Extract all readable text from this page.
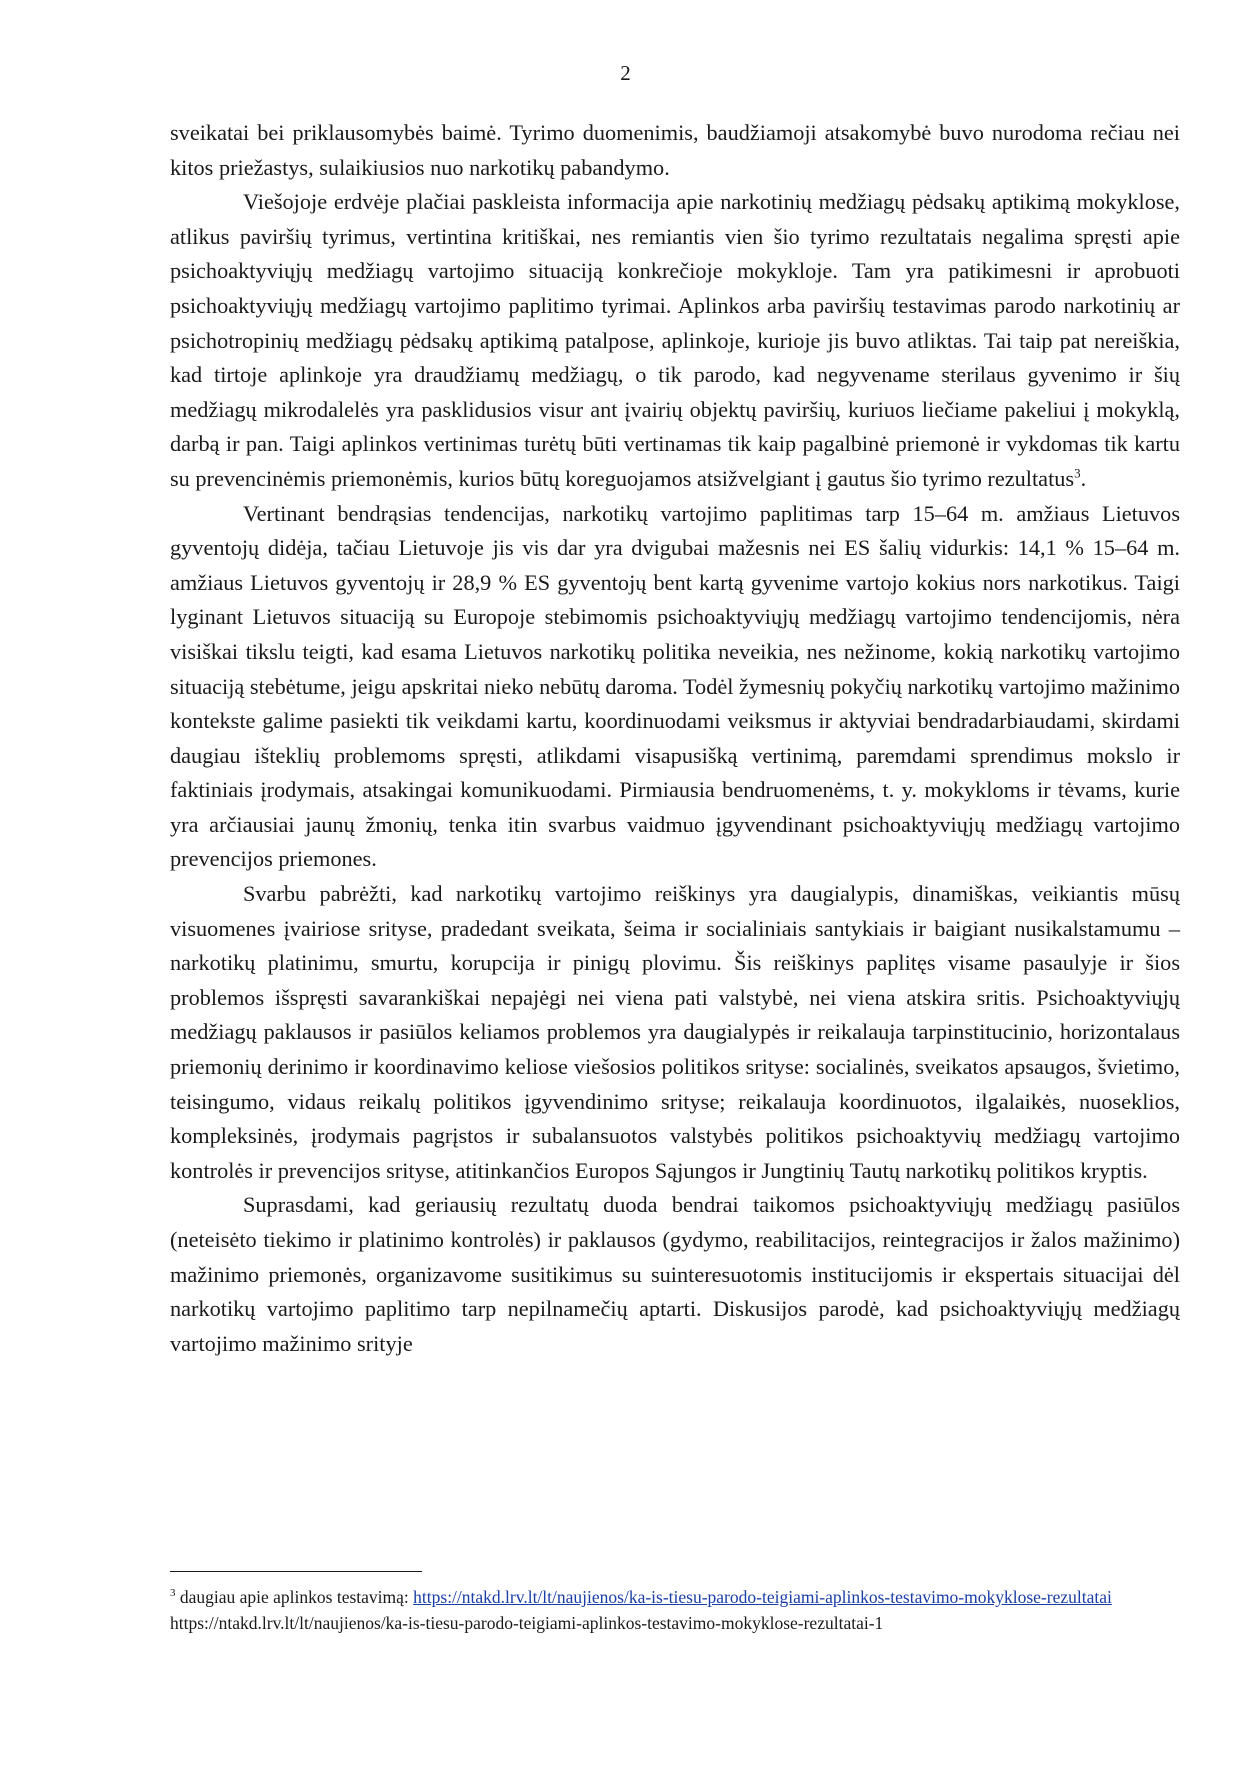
2

sveikatai bei priklausomybės baimė. Tyrimo duomenimis, baudžiamoji atsakomybė buvo nurodoma rečiau nei kitos priežastys, sulaikiusios nuo narkotikų pabandymo.

Viešojoje erdvėje plačiai paskleista informacija apie narkotinių medžiagų pėdsakų aptikimą mokyklose, atlikus paviršių tyrimus, vertintina kritiškai, nes remiantis vien šio tyrimo rezultatais negalima spręsti apie psichoaktyviųjų medžiagų vartojimo situaciją konkrečioje mokykloje. Tam yra patikimesni ir aprobuoti psichoaktyviųjų medžiagų vartojimo paplitimo tyrimai. Aplinkos arba paviršių testavimas parodo narkotinių ar psichotropinių medžiagų pėdsakų aptikimą patalpose, aplinkoje, kurioje jis buvo atliktas. Tai taip pat nereiškia, kad tirtoje aplinkoje yra draudžiamų medžiagų, o tik parodo, kad negyvename sterilaus gyvenimo ir šių medžiagų mikrodalelės yra pasklidusios visur ant įvairių objektų paviršių, kuriuos liečiame pakeliui į mokyklą, darbą ir pan. Taigi aplinkos vertinimas turėtų būti vertinamas tik kaip pagalbinė priemonė ir vykdomas tik kartu su prevencinėmis priemonėmis, kurios būtų koreguojamos atsižvelgiant į gautus šio tyrimo rezultatus$^3$.

Vertinant bendrąsias tendencijas, narkotikų vartojimo paplitimas tarp 15–64 m. amžiaus Lietuvos gyventojų didėja, tačiau Lietuvoje jis vis dar yra dvigubai mažesnis nei ES šalių vidurkis: 14,1 % 15–64 m. amžiaus Lietuvos gyventojų ir 28,9 % ES gyventojų bent kartą gyvenime vartojo kokius nors narkotikus. Taigi lyginant Lietuvos situaciją su Europoje stebimomis psichoaktyviųjų medžiagų vartojimo tendencijomis, nėra visiškai tikslu teigti, kad esama Lietuvos narkotikų politika neveikia, nes nežinome, kokią narkotikų vartojimo situaciją stebėtume, jeigu apskritai nieko nebūtų daroma. Todėl žymesnių pokyčių narkotikų vartojimo mažinimo kontekste galime pasiekti tik veikdami kartu, koordinuodami veiksmus ir aktyviai bendradarbiaudami, skirdami daugiau išteklių problemoms spręsti, atlikdami visapusišką vertinimą, paremdami sprendimus mokslo ir faktiniais įrodymais, atsakingai komunikuodami. Pirmiausia bendruomenėms, t. y. mokykloms ir tėvams, kurie yra arčiausiai jaunų žmonių, tenka itin svarbus vaidmuo įgyvendinant psichoaktyviųjų medžiagų vartojimo prevencijos priemones.

Svarbu pabrėžti, kad narkotikų vartojimo reiškinys yra daugialypis, dinamiškas, veikiantis mūsų visuomenes įvairiose srityse, pradedant sveikata, šeima ir socialiniais santykiais ir baigiant nusikalstamumu – narkotikų platinimu, smurtu, korupcija ir pinigų plovimu. Šis reiškinys paplitęs visame pasaulyje ir šios problemos išspręsti savarankiškai nepajėgi nei viena pati valstybė, nei viena atskira sritis. Psichoaktyviųjų medžiagų paklausos ir pasiūlos keliamos problemos yra daugialypės ir reikalauja tarpinstitucinio, horizontalaus priemonių derinimo ir koordinavimo keliose viešosios politikos srityse: socialinės, sveikatos apsaugos, švietimo, teisingumo, vidaus reikalų politikos įgyvendinimo srityse; reikalauja koordinuotos, ilgalaikės, nuoseklios, kompleksinės, įrodymais pagrįstos ir subalansuotos valstybės politikos psichoaktyvių medžiagų vartojimo kontrolės ir prevencijos srityse, atitinkančios Europos Sąjungos ir Jungtinių Tautų narkotikų politikos kryptis.

Suprasdami, kad geriausių rezultatų duoda bendrai taikomos psichoaktyviųjų medžiagų pasiūlos (neteisėto tiekimo ir platinimo kontrolės) ir paklausos (gydymo, reabilitacijos, reintegracijos ir žalos mažinimo) mažinimo priemonės, organizavome susitikimus su suinteresuotomis institucijomis ir ekspertais situacijai dėl narkotikų vartojimo paplitimo tarp nepilnamečių aptarti. Diskusijos parodė, kad psichoaktyviųjų medžiagų vartojimo mažinimo srityje

$^3$ daugiau apie aplinkos testavimą: https://ntakd.lrv.lt/lt/naujienos/ka-is-tiesu-parodo-teigiami-aplinkos-testavimo-mokyklose-rezultatai
https://ntakd.lrv.lt/lt/naujienos/ka-is-tiesu-parodo-teigiami-aplinkos-testavimo-mokyklose-rezultatai-1
